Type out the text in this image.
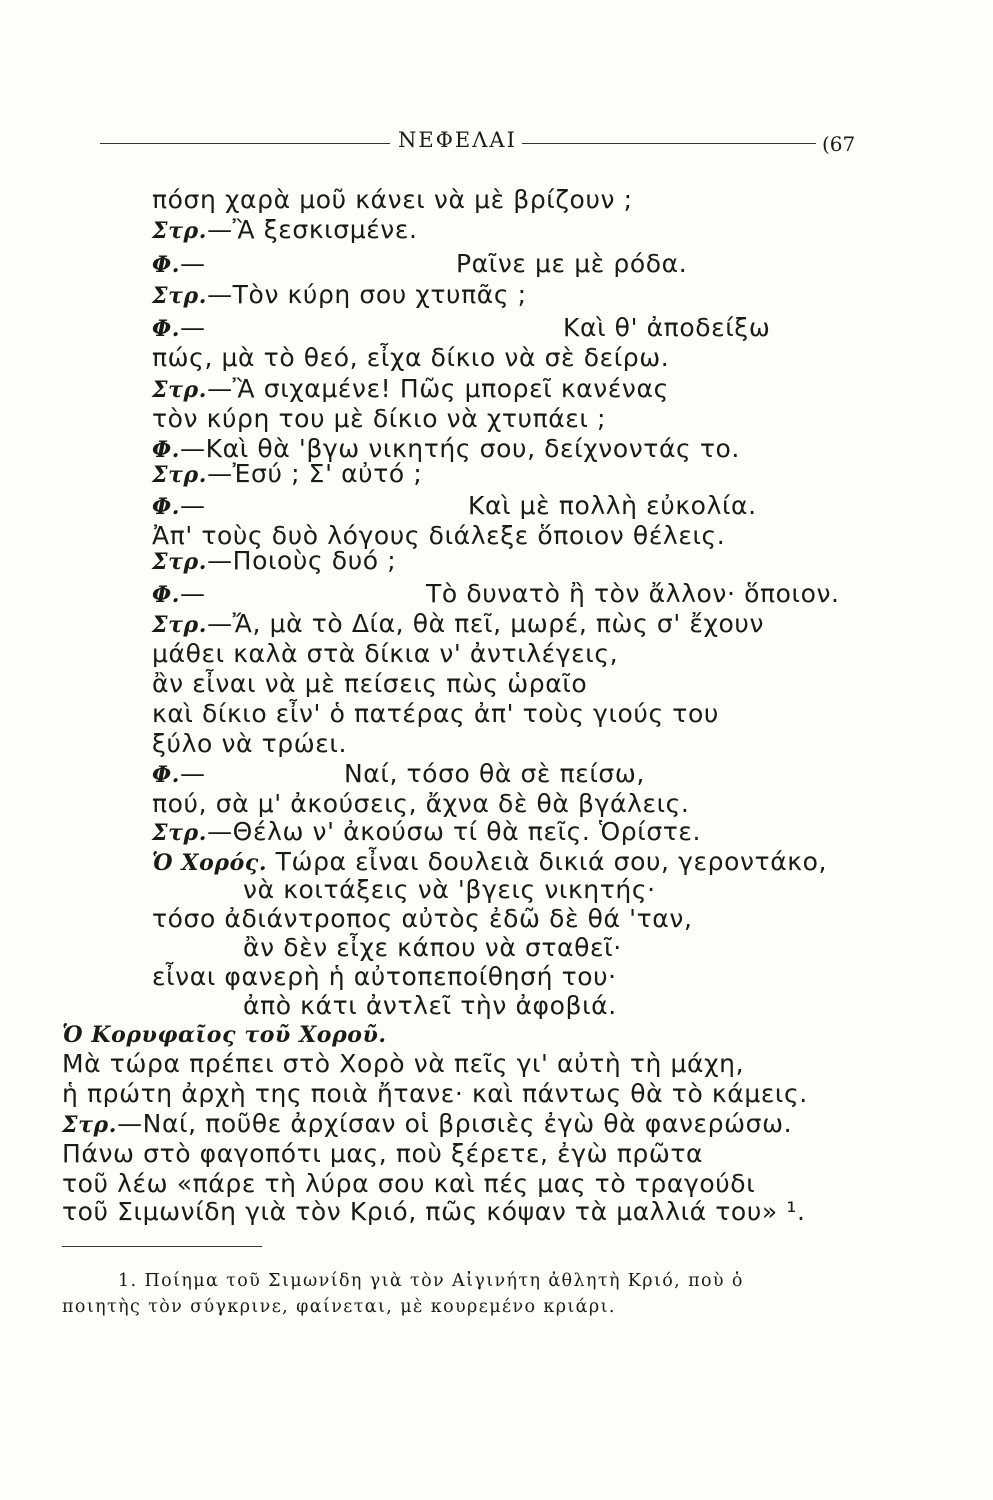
ΝΕΦΕΛΑΙ	(67
πόση χαρὰ μοῦ κάνει νὰ μὲ βρίζουν ;
Στρ.—Ἂ ξεσκισμένε.
Φ.—	Ραῖνε με μὲ ρόδα.
Στρ.—Τὸν κύρη σου χτυπᾶς ;
Φ.—	Καὶ θ' ἀποδείξω
πώς, μὰ τὸ θεό, εἶχα δίκιο νὰ σὲ δείρω.
Στρ.—Ἂ σιχαμένε! Πῶς μπορεῖ κανένας
τὸν κύρη του μὲ δίκιο νὰ χτυπάει ;
Φ.—Καὶ θὰ 'βγω νικητής σου, δείχνοντάς το.
Στρ.—Ἐσύ ; Σ' αὐτό ;
Φ.—	Καὶ μὲ πολλὴ εὐκολία.
Ἀπ' τοὺς δυὸ λόγους διάλεξε ὅποιον θέλεις.
Στρ.—Ποιοὺς δυό ;
Φ.—	Τὸ δυνατὸ ἢ τὸν ἄλλον· ὅποιον.
Στρ.—Ἄ, μὰ τὸ Δία, θὰ πεῖ, μωρέ, πὼς σ' ἔχουν
μάθει καλὰ στὰ δίκια ν' ἀντιλέγεις,
ἂν εἶναι νὰ μὲ πείσεις πὼς ὡραῖο
καὶ δίκιο εἶν' ὁ πατέρας ἀπ' τοὺς γιούς του
ξύλο νὰ τρώει.
Φ.—	Ναί, τόσο θὰ σὲ πείσω,
πού, σὰ μ' ἀκούσεις, ἄχνα δὲ θὰ βγάλεις.
Στρ.—Θέλω ν' ἀκούσω τί θὰ πεῖς. Ὁρίστε.
Ὁ Χορός. Τώρα εἶναι δουλειὰ δικιά σου, γεροντάκο,
νὰ κοιτάξεις νὰ 'βγεις νικητής·
τόσο ἀδιάντροπος αὐτὸς ἐδῶ δὲ θά 'ταν,
ἂν δὲν εἶχε κάπου νὰ σταθεῖ·
εἶναι φανερὴ ἡ αὐτοπεποίθησή του·
ἀπὸ κάτι ἀντλεῖ τὴν ἀφοβιά.
Ὁ Κορυφαῖος τοῦ Χοροῦ.
Μὰ τώρα πρέπει στὸ Χορὸ νὰ πεῖς γι' αὐτὴ τὴ μάχη,
ἡ πρώτη ἀρχὴ της ποιὰ ἤτανε· καὶ πάντως θὰ τὸ κάμεις.
Στρ.—Ναί, ποῦθε ἀρχίσαν οἱ βρισιὲς ἐγὼ θὰ φανερώσω.
Πάνω στὸ φαγοπότι μας, ποὺ ξέρετε, ἐγὼ πρῶτα
τοῦ λέω «πάρε τὴ λύρα σου καὶ πές μας τὸ τραγούδι
τοῦ Σιμωνίδη γιὰ τὸν Κριό, πῶς κόψαν τὰ μαλλιά του» ¹.
1. Ποίημα τοῦ Σιμωνίδη γιὰ τὸν Αἰγινήτη ἀθλητὴ Κριό, ποὺ ὁ
ποιητὴς τὸν σύγκρινε, φαίνεται, μὲ κουρεμένο κριάρι.
